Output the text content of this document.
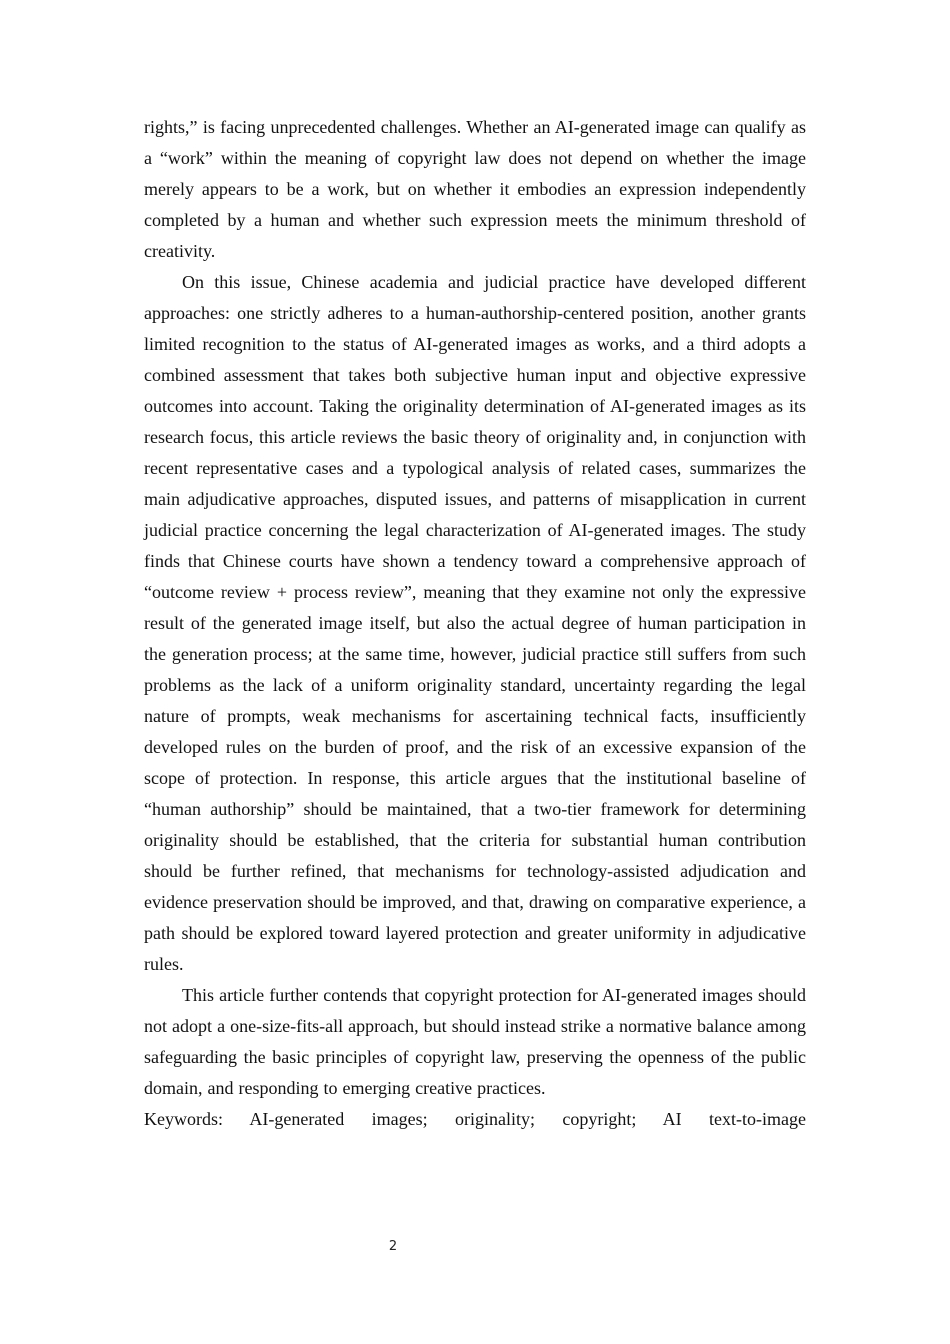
rights,” is facing unprecedented challenges. Whether an AI-generated image can qualify as a “work” within the meaning of copyright law does not depend on whether the image merely appears to be a work, but on whether it embodies an expression independently completed by a human and whether such expression meets the minimum threshold of creativity.

On this issue, Chinese academia and judicial practice have developed different approaches: one strictly adheres to a human-authorship-centered position, another grants limited recognition to the status of AI-generated images as works, and a third adopts a combined assessment that takes both subjective human input and objective expressive outcomes into account. Taking the originality determination of AI-generated images as its research focus, this article reviews the basic theory of originality and, in conjunction with recent representative cases and a typological analysis of related cases, summarizes the main adjudicative approaches, disputed issues, and patterns of misapplication in current judicial practice concerning the legal characterization of AI-generated images. The study finds that Chinese courts have shown a tendency toward a comprehensive approach of “outcome review + process review”, meaning that they examine not only the expressive result of the generated image itself, but also the actual degree of human participation in the generation process; at the same time, however, judicial practice still suffers from such problems as the lack of a uniform originality standard, uncertainty regarding the legal nature of prompts, weak mechanisms for ascertaining technical facts, insufficiently developed rules on the burden of proof, and the risk of an excessive expansion of the scope of protection. In response, this article argues that the institutional baseline of “human authorship” should be maintained, that a two-tier framework for determining originality should be established, that the criteria for substantial human contribution should be further refined, that mechanisms for technology-assisted adjudication and evidence preservation should be improved, and that, drawing on comparative experience, a path should be explored toward layered protection and greater uniformity in adjudicative rules.

This article further contends that copyright protection for AI-generated images should not adopt a one-size-fits-all approach, but should instead strike a normative balance among safeguarding the basic principles of copyright law, preserving the openness of the public domain, and responding to emerging creative practices.

Keywords: AI-generated images; originality; copyright; AI text-to-image

2
